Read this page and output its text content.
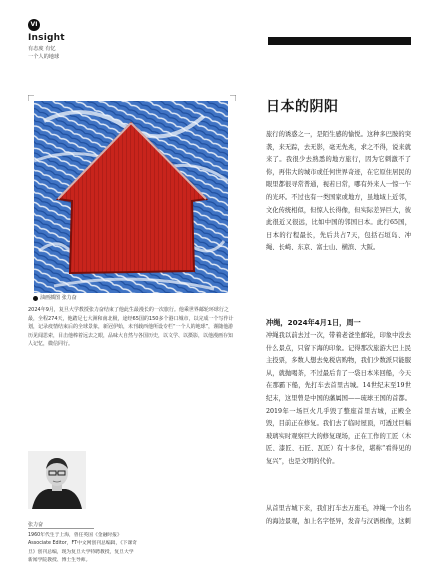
VI
Insight
有态度 有忆
一个人的地球
油画插图 张力奋
2024年9月，复旦大学教授张力奋结束了他此生最漫长的一次旅行。他乘世界邮轮环球行之最，全程274天，他踏足七大洲和南北极，途经65国的150多个港口城市，以完成一个写作计划，记录疫情结束后的全球景象，新冠伊始，未刊载西他所设专栏“一个人的地球”，谨随他游历见闻思索，目击他棒着远去之眼，品味大自然与各国历史，以文学、以摄影，以他漫画存知人记忆，微信同行。
张力奋
1960年代生于上海，曾任英国《金融时报》Associate Editor，FT中文网创刊总编辑，《下课奇旦》创刊总编，现为复旦大学特聘教授，复旦大学新闻学院教授、博士生导师。
日本的阴阳
旅行的诱惑之一，是陌生感的愉悦。这种多巴胺的突袭，来无踪，去无影，毫无先兆，求之不得，说来就来了。我很少去熟悉的地方旅行，因为它刺激不了你，再伟大的城市或任何世界奇迹，在它原住居民的眼里都很寻常普通，视若日常，哪有外来人一惊一乍的光环。不过也有一类国家或地方，虽地域上近邻，文化传统相似，但惊人长得像，但实际差异巨大，彼此很近又很远，比如中国的邻国日本。此行65国，日本的行程最长，先后共占7天，包括石垣岛、冲绳、长崎、东京、富士山、横滨、大阪。
冲绳，2024年4月1日，周一
冲绳我以前去过一次，带着老爸坐邮轮，印象中没去什么景点，只留下海的印象。记得那次旅游大巴上民主投票，多数人想去免税店购物，我们少数派只能服从，就抛喝茶，不过最后肯了一袋日本米回船，今天在那霸下船，先打车去首里古城。14世纪末至19世纪末，这里曾是中国的藩属国——琉球王国的首都。2019年一场巨火几乎毁了整座首里古城，正殿全毁，目前正在修复。我们去了临时屋顶，可透过巨幅玻璃实时观察巨大的修复现场，正在工作的工匠（木匠、漆匠、石匠、瓦匠）有十多位，堪称“看得见的复兴”，也是文明的代价。
从首里古城下来，我们打车去万座毛，冲绳一个出名的海边景观，加上名字怪异，发音与汉语极像，这刺
